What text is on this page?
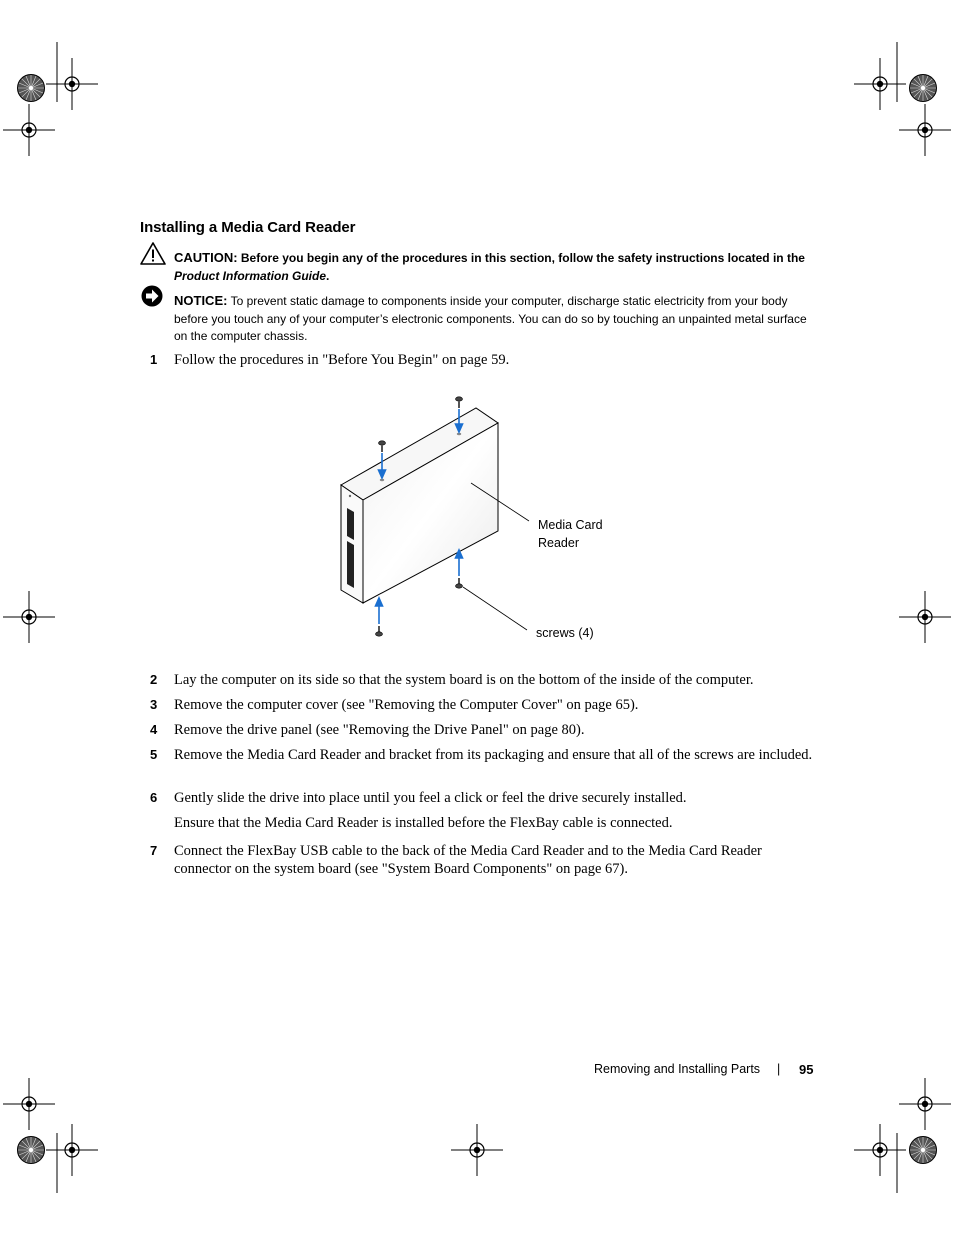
Installing a Media Card Reader
CAUTION: Before you begin any of the procedures in this section, follow the safety instructions located in the Product Information Guide.
NOTICE: To prevent static damage to components inside your computer, discharge static electricity from your body before you touch any of your computer’s electronic components. You can do so by touching an unpainted metal surface on the computer chassis.
1 Follow the procedures in "Before You Begin" on page 59.
Media Card
Reader
screws (4)
2 Lay the computer on its side so that the system board is on the bottom of the inside of the computer.
3 Remove the computer cover (see "Removing the Computer Cover" on page 65).
4 Remove the drive panel (see "Removing the Drive Panel" on page 80).
5 Remove the Media Card Reader and bracket from its packaging and ensure that all of the screws are included.
6 Gently slide the drive into place until you feel a click or feel the drive securely installed.
Ensure that the Media Card Reader is installed before the FlexBay cable is connected.
7 Connect the FlexBay USB cable to the back of the Media Card Reader and to the Media Card Reader connector on the system board (see "System Board Components" on page 67).
Removing and Installing Parts | 95
